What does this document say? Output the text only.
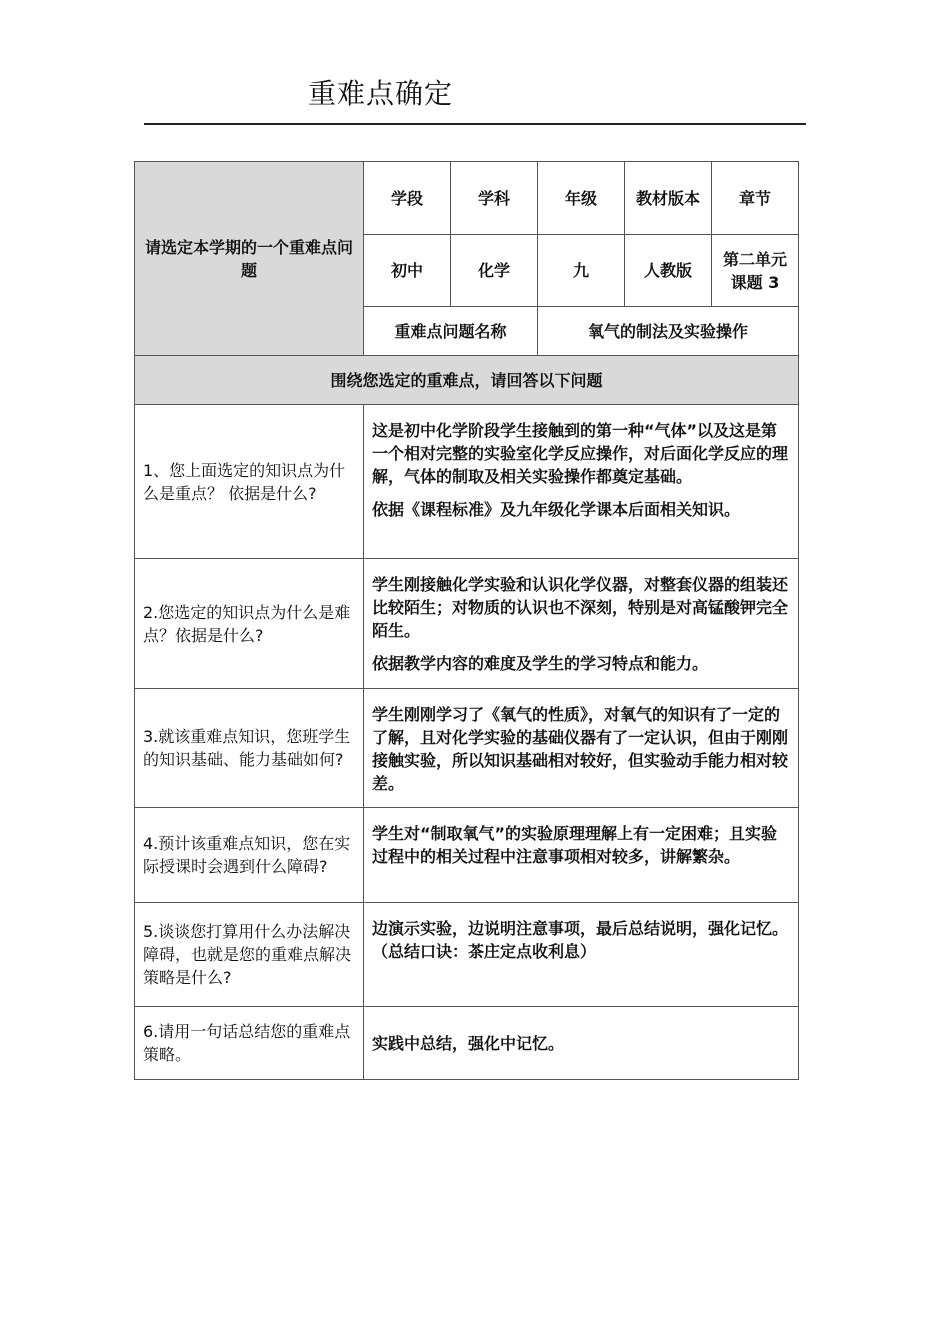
重难点确定
请选定本学期的一个重难点问题	学段	学科	年级	教材版本	章节
	初中	化学	九	人教版	第二单元课题 3
	重难点问题名称		氧气的制法及实验操作		
围绕您选定的重难点，请回答以下问题					
1、您上面选定的知识点为什么是重点？ 依据是什么?	这是初中化学阶段学生接触到的第一种“气体”以及这是第一个相对完整的实验室化学反应操作，对后面化学反应的理解，气体的制取及相关实验操作都奠定基础。

依据《课程标准》及九年级化学课本后面相关知识。				

2.您选定的知识点为什么是难点？依据是什么?	学生刚接触化学实验和认识化学仪器，对整套仪器的组装还比较陌生；对物质的认识也不深刻，特别是对高锰酸钾完全陌生。

依据教学内容的难度及学生的学习特点和能力。				

3.就该重难点知识，您班学生的知识基础、能力基础如何?	学生刚刚学习了《氧气的性质》，对氧气的知识有了一定的了解，且对化学实验的基础仪器有了一定认识，但由于刚刚接触实验，所以知识基础相对较好，但实验动手能力相对较差。				

4.预计该重难点知识，您在实际授课时会遇到什么障碍?	学生对“制取氧气”的实验原理理解上有一定困难；且实验过程中的相关过程中注意事项相对较多，讲解繁杂。				

5.谈谈您打算用什么办法解决障碍，也就是您的重难点解决策略是什么?	边演示实验，边说明注意事项，最后总结说明，强化记忆。（总结口诀：茶庄定点收利息）				

6.请用一句话总结您的重难点策略。	实践中总结，强化中记忆。				
